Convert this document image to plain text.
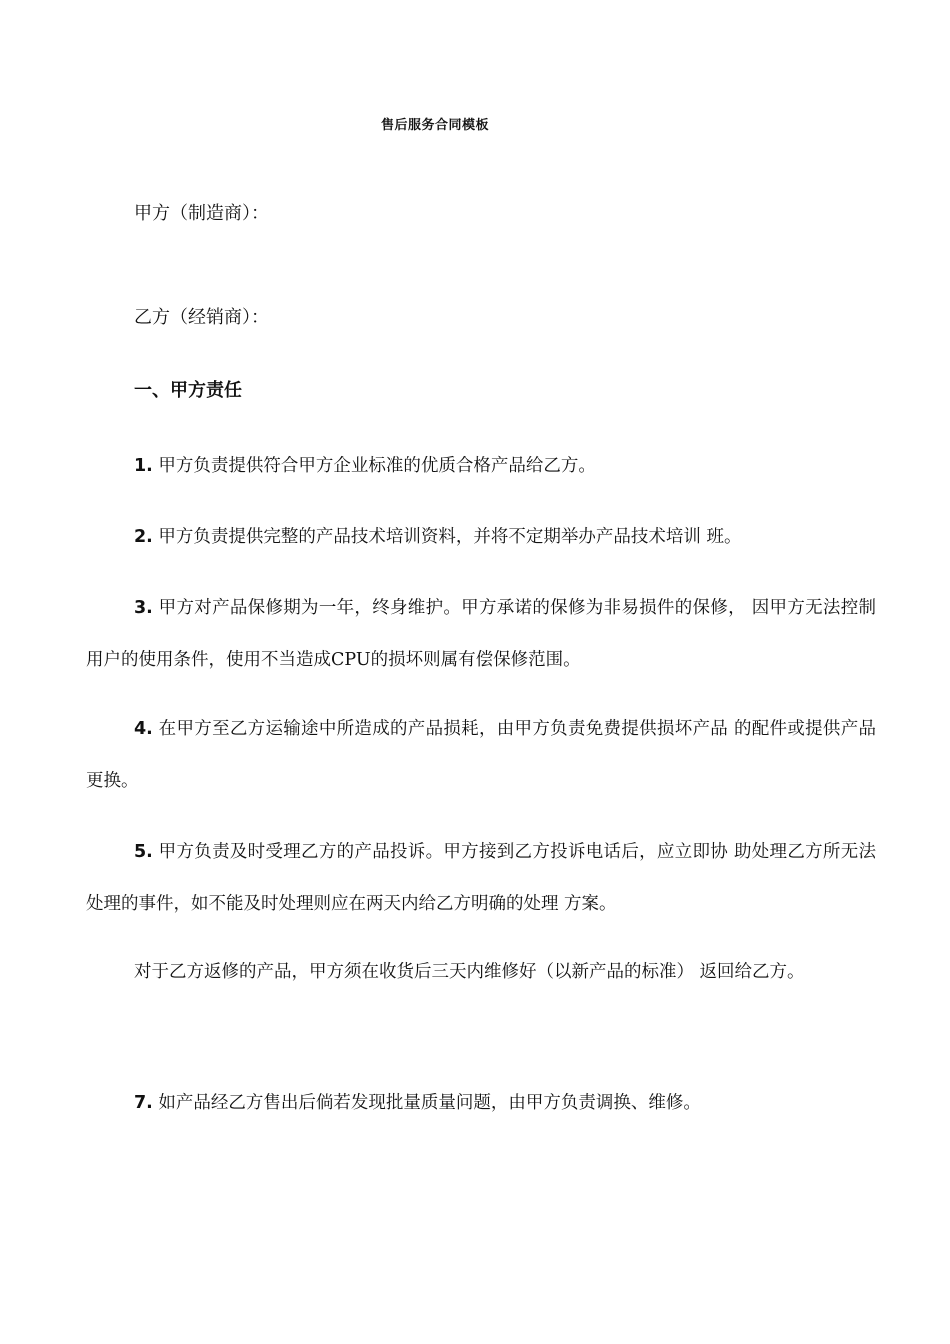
售后服务合同模板
甲方（制造商）：
乙方（经销商）：
一、甲方责任
1. 甲方负责提供符合甲方企业标准的优质合格产品给乙方。
2. 甲方负责提供完整的产品技术培训资料，并将不定期举办产品技术培训 班。
3. 甲方对产品保修期为一年，终身维护。甲方承诺的保修为非易损件的保修， 因甲方无法控制用户的使用条件，使用不当造成CPU的损坏则属有偿保修范围。
4. 在甲方至乙方运输途中所造成的产品损耗，由甲方负责免费提供损坏产品 的配件或提供产品更换。
5. 甲方负责及时受理乙方的产品投诉。甲方接到乙方投诉电话后，应立即协 助处理乙方所无法处理的事件，如不能及时处理则应在两天内给乙方明确的处理 方案。
对于乙方返修的产品，甲方须在收货后三天内维修好（以新产品的标准） 返回给乙方。
7. 如产品经乙方售出后倘若发现批量质量问题，由甲方负责调换、维修。
